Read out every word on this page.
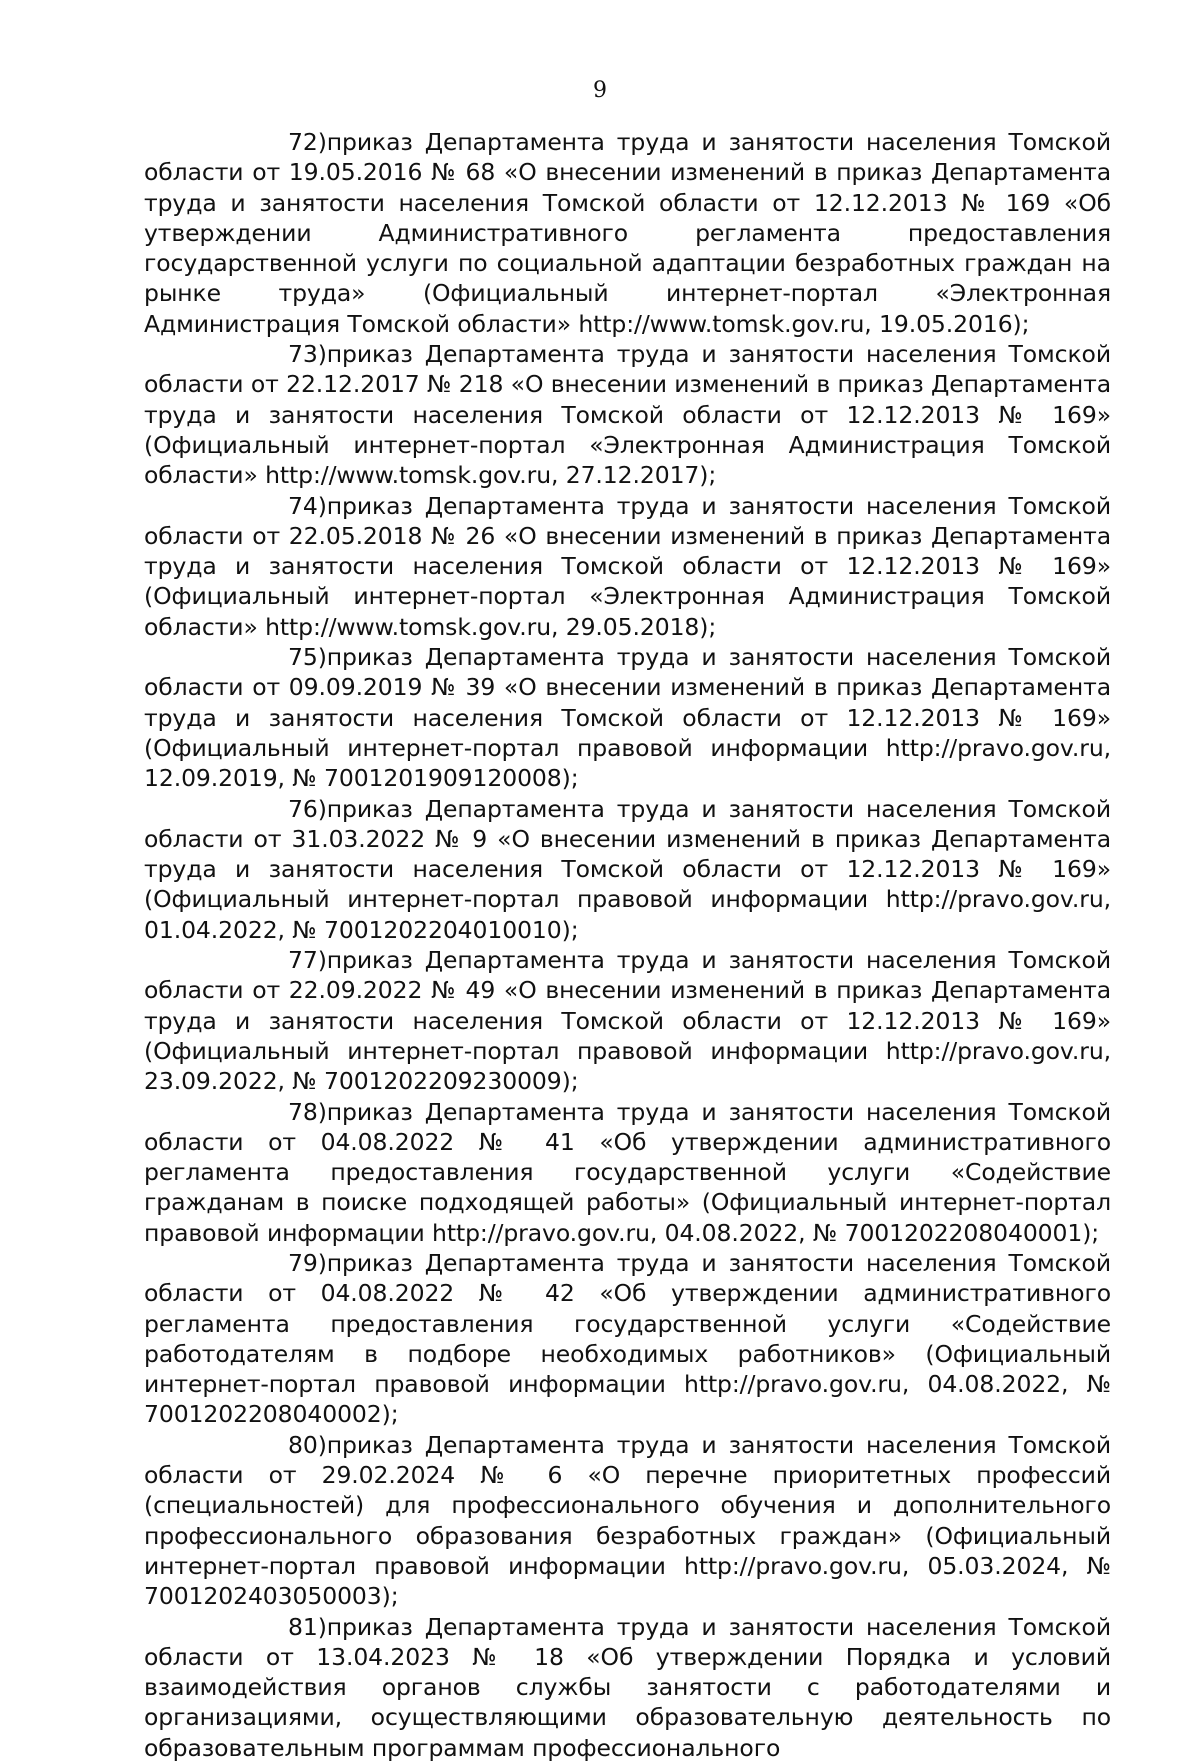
9

72)приказ Департамента труда и занятости населения Томской области от 19.05.2016 № 68 «О внесении изменений в приказ Департамента труда и занятости населения Томской области от 12.12.2013 № 169 «Об утверждении Административного регламента предоставления государственной услуги по социальной адаптации безработных граждан на рынке труда» (Официальный интернет-портал «Электронная Администрация Томской области» http://www.tomsk.gov.ru, 19.05.2016);

73)приказ Департамента труда и занятости населения Томской области от 22.12.2017 № 218 «О внесении изменений в приказ Департамента труда и занятости населения Томской области от 12.12.2013 № 169» (Официальный интернет-портал «Электронная Администрация Томской области» http://www.tomsk.gov.ru, 27.12.2017);

74)приказ Департамента труда и занятости населения Томской области от 22.05.2018 № 26 «О внесении изменений в приказ Департамента труда и занятости населения Томской области от 12.12.2013 № 169» (Официальный интернет-портал «Электронная Администрация Томской области» http://www.tomsk.gov.ru, 29.05.2018);

75)приказ Департамента труда и занятости населения Томской области от 09.09.2019 № 39 «О внесении изменений в приказ Департамента труда и занятости населения Томской области от 12.12.2013 № 169» (Официальный интернет-портал правовой информации http://pravo.gov.ru, 12.09.2019, № 7001201909120008);

76)приказ Департамента труда и занятости населения Томской области от 31.03.2022 № 9 «О внесении изменений в приказ Департамента труда и занятости населения Томской области от 12.12.2013 № 169» (Официальный интернет-портал правовой информации http://pravo.gov.ru, 01.04.2022, № 7001202204010010);

77)приказ Департамента труда и занятости населения Томской области от 22.09.2022 № 49 «О внесении изменений в приказ Департамента труда и занятости населения Томской области от 12.12.2013 № 169» (Официальный интернет-портал правовой информации http://pravo.gov.ru, 23.09.2022, № 7001202209230009);

78)приказ Департамента труда и занятости населения Томской области от 04.08.2022 № 41 «Об утверждении административного регламента предоставления государственной услуги «Содействие гражданам в поиске подходящей работы» (Официальный интернет-портал правовой информации http://pravo.gov.ru, 04.08.2022, № 7001202208040001);

79)приказ Департамента труда и занятости населения Томской области от 04.08.2022 № 42 «Об утверждении административного регламента предоставления государственной услуги «Содействие работодателям в подборе необходимых работников» (Официальный интернет-портал правовой информации http://pravo.gov.ru, 04.08.2022, № 7001202208040002);

80)приказ Департамента труда и занятости населения Томской области от 29.02.2024 № 6 «О перечне приоритетных профессий (специальностей) для профессионального обучения и дополнительного профессионального образования безработных граждан» (Официальный интернет-портал правовой информации http://pravo.gov.ru, 05.03.2024, № 7001202403050003);

81)приказ Департамента труда и занятости населения Томской области от 13.04.2023 № 18 «Об утверждении Порядка и условий взаимодействия органов службы занятости с работодателями и организациями, осуществляющими образовательную деятельность по образовательным программам профессионального
